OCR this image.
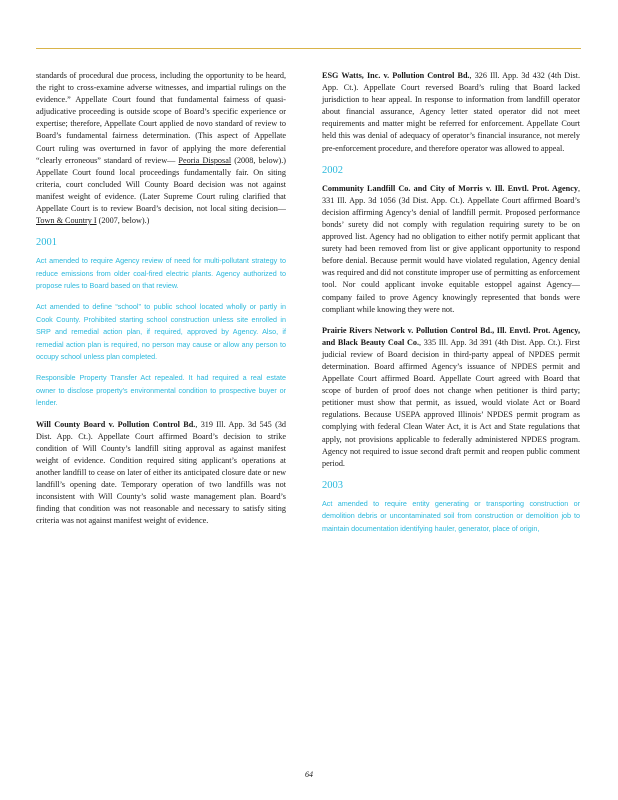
standards of procedural due process, including the opportunity to be heard, the right to cross-examine adverse witnesses, and impartial rulings on the evidence.” Appellate Court found that fundamental fairness of quasi-adjudicative proceeding is outside scope of Board’s specific experience or expertise; therefore, Appellate Court applied de novo standard of review to Board’s fundamental fairness determination. (This aspect of Appellate Court ruling was overturned in favor of applying the more deferential “clearly erroneous” standard of review— Peoria Disposal (2008, below).) Appellate Court found local proceedings fundamentally fair. On siting criteria, court concluded Will County Board decision was not against manifest weight of evidence. (Later Supreme Court ruling clarified that Appellate Court is to review Board’s decision, not local siting decision— Town & Country I (2007, below).)

2001

Act amended to require Agency review of need for multi-pollutant strategy to reduce emissions from older coal-fired electric plants. Agency authorized to propose rules to Board based on that review.

Act amended to define “school” to public school located wholly or partly in Cook County. Prohibited starting school construction unless site enrolled in SRP and remedial action plan, if required, approved by Agency. Also, if remedial action plan is required, no person may cause or allow any person to occupy school unless plan completed.

Responsible Property Transfer Act repealed. It had required a real estate owner to disclose property’s environmental condition to prospective buyer or lender.

Will County Board v. Pollution Control Bd., 319 Ill. App. 3d 545 (3d Dist. App. Ct.). Appellate Court affirmed Board’s decision to strike condition of Will County’s landfill siting approval as against manifest weight of evidence. Condition required siting applicant’s operations at another landfill to cease on later of either its anticipated closure date or new landfill’s opening date. Temporary operation of two landfills was not inconsistent with Will County’s solid waste management plan. Board’s finding that condition was not reasonable and necessary to satisfy siting criteria was not against manifest weight of evidence.

ESG Watts, Inc. v. Pollution Control Bd., 326 Ill. App. 3d 432 (4th Dist. App. Ct.). Appellate Court reversed Board’s ruling that Board lacked jurisdiction to hear appeal. In response to information from landfill operator about financial assurance, Agency letter stated operator did not meet requirements and matter might be referred for enforcement. Appellate Court held this was denial of adequacy of operator’s financial insurance, not merely pre-enforcement procedure, and therefore operator was allowed to appeal.

2002

Community Landfill Co. and City of Morris v. Ill. Envtl. Prot. Agency, 331 Ill. App. 3d 1056 (3d Dist. App. Ct.). Appellate Court affirmed Board’s decision affirming Agency’s denial of landfill permit. Proposed performance bonds’ surety did not comply with regulation requiring surety to be on approved list. Agency had no obligation to either notify permit applicant that surety had been removed from list or give applicant opportunity to respond before denial. Because permit would have violated regulation, Agency denial was required and did not constitute improper use of permitting as enforcement tool. Nor could applicant invoke equitable estoppel against Agency—company failed to prove Agency knowingly represented that bonds were compliant while knowing they were not.

Prairie Rivers Network v. Pollution Control Bd., Ill. Envtl. Prot. Agency, and Black Beauty Coal Co., 335 Ill. App. 3d 391 (4th Dist. App. Ct.). First judicial review of Board decision in third-party appeal of NPDES permit determination. Board affirmed Agency’s issuance of NPDES permit and Appellate Court affirmed Board. Appellate Court agreed with Board that scope of burden of proof does not change when petitioner is third party; petitioner must show that permit, as issued, would violate Act or Board regulations. Because USEPA approved Illinois’ NPDES permit program as complying with federal Clean Water Act, it is Act and State regulations that apply, not provisions applicable to federally administered NPDES program. Agency not required to issue second draft permit and reopen public comment period.

2003

Act amended to require entity generating or transporting construction or demolition debris or uncontaminated soil from construction or demolition job to maintain documentation identifying hauler, generator, place of origin,

64
